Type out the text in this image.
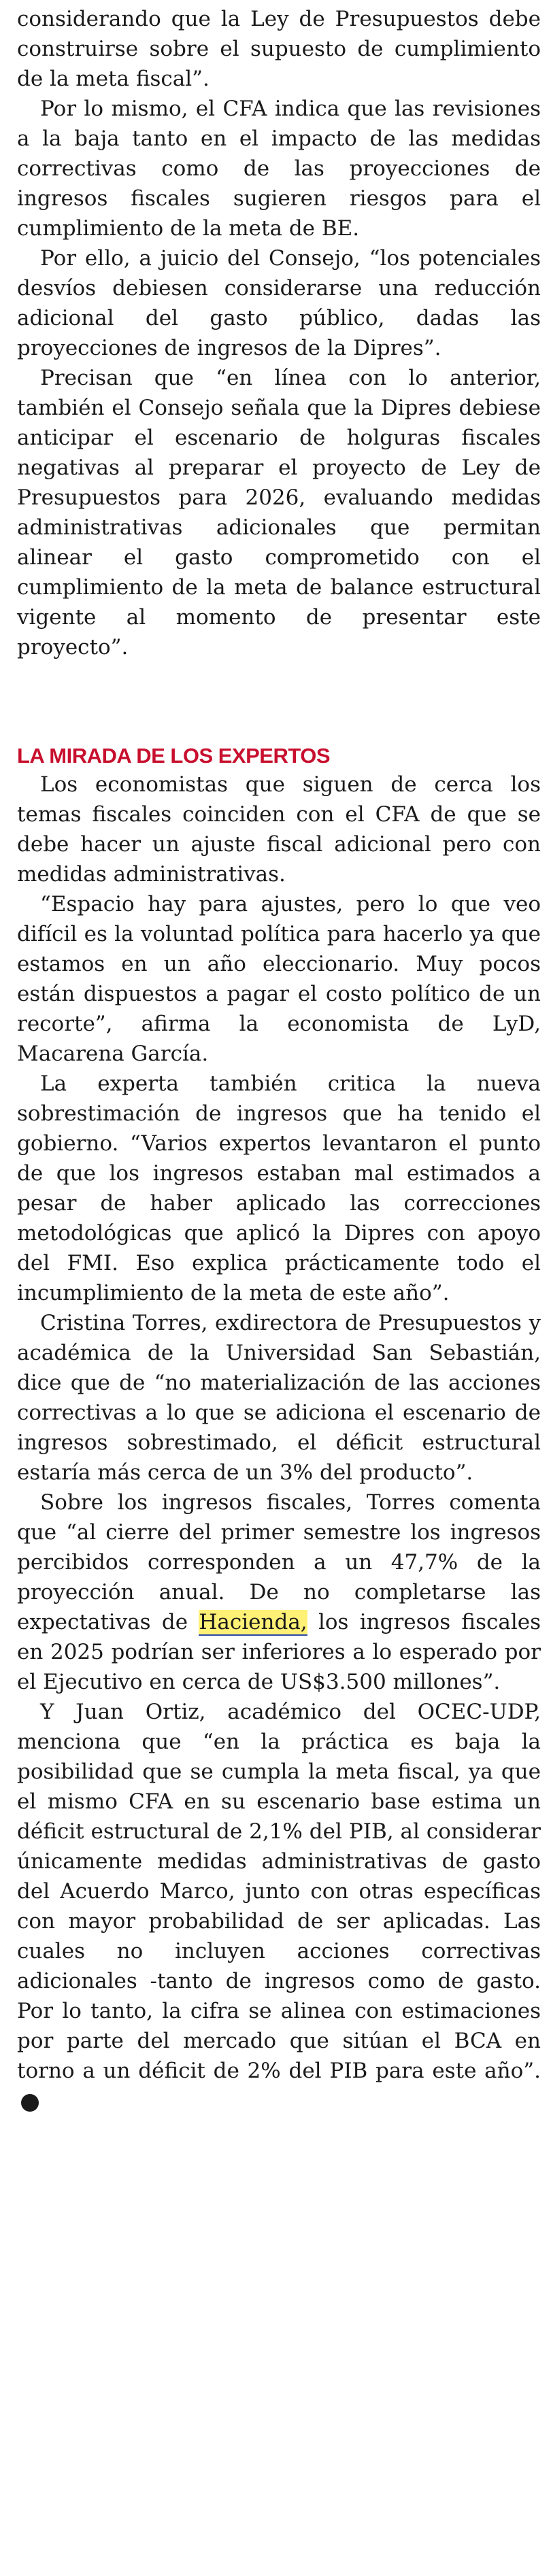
considerando que la Ley de Presupuestos debe construirse sobre el supuesto de cumplimiento de la meta fiscal”.

Por lo mismo, el CFA indica que las revisiones a la baja tanto en el impacto de las medidas correctivas como de las proyecciones de ingresos fiscales sugieren riesgos para el cumplimiento de la meta de BE.

Por ello, a juicio del Consejo, “los potenciales desvíos debiesen considerarse una reducción adicional del gasto público, dadas las proyecciones de ingresos de la Dipres”.

Precisan que “en línea con lo anterior, también el Consejo señala que la Dipres debiese anticipar el escenario de holguras fiscales negativas al preparar el proyecto de Ley de Presupuestos para 2026, evaluando medidas administrativas adicionales que permitan alinear el gasto comprometido con el cumplimiento de la meta de balance estructural vigente al momento de presentar este proyecto”.

LA MIRADA DE LOS EXPERTOS

Los economistas que siguen de cerca los temas fiscales coinciden con el CFA de que se debe hacer un ajuste fiscal adicional pero con medidas administrativas.

“Espacio hay para ajustes, pero lo que veo difícil es la voluntad política para hacerlo ya que estamos en un año eleccionario. Muy pocos están dispuestos a pagar el costo político de un recorte”, afirma la economista de LyD, Macarena García.

La experta también critica la nueva sobrestimación de ingresos que ha tenido el gobierno. “Varios expertos levantaron el punto de que los ingresos estaban mal estimados a pesar de haber aplicado las correcciones metodológicas que aplicó la Dipres con apoyo del FMI. Eso explica prácticamente todo el incumplimiento de la meta de este año”.

Cristina Torres, exdirectora de Presupuestos y académica de la Universidad San Sebastián, dice que de “no materialización de las acciones correctivas a lo que se adiciona el escenario de ingresos sobrestimado, el déficit estructural estaría más cerca de un 3% del producto”.

Sobre los ingresos fiscales, Torres comenta que “al cierre del primer semestre los ingresos percibidos corresponden a un 47,7% de la proyección anual. De no completarse las expectativas de Hacienda, los ingresos fiscales en 2025 podrían ser inferiores a lo esperado por el Ejecutivo en cerca de US$3.500 millones”.

Y Juan Ortiz, académico del OCEC-UDP, menciona que “en la práctica es baja la posibilidad que se cumpla la meta fiscal, ya que el mismo CFA en su escenario base estima un déficit estructural de 2,1% del PIB, al considerar únicamente medidas administrativas de gasto del Acuerdo Marco, junto con otras específicas con mayor probabilidad de ser aplicadas. Las cuales no incluyen acciones correctivas adicionales -tanto de ingresos como de gasto. Por lo tanto, la cifra se alinea con estimaciones por parte del mercado que sitúan el BCA en torno a un déficit de 2% del PIB para este año”.D
